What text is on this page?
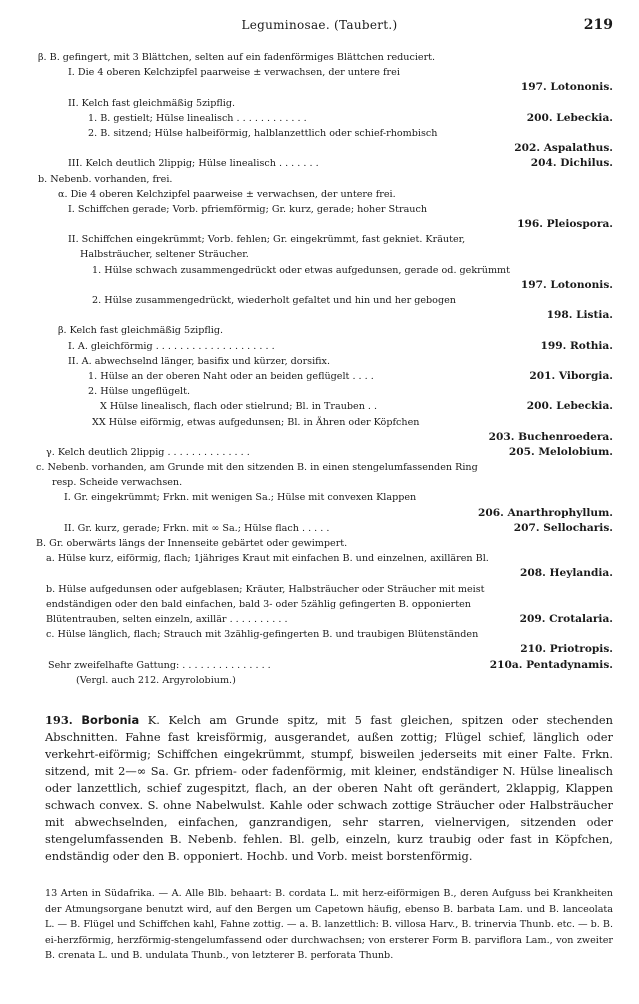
Leguminosae. (Taubert.)	219
β. B. gefingert, mit 3 Blättchen, selten auf ein fadenförmiges Blättchen reduciert.
I. Die 4 oberen Kelchzipfel paarweise ± verwachsen, der untere frei
197. Lotononis.
II. Kelch fast gleichmäßig 5zipflig.
1. B. gestielt; Hülse linealisch . . . . . . . . . . . .	200. Lebeckia.
2. B. sitzend; Hülse halbeiförmig, halblanzettlich oder schief-rhombisch
202. Aspalathus.
III. Kelch deutlich 2lippig; Hülse linealisch . . . . . . .	204. Dichilus.
b. Nebenb. vorhanden, frei.
α. Die 4 oberen Kelchzipfel paarweise ± verwachsen, der untere frei.
I. Schiffchen gerade; Vorb. pfriemförmig; Gr. kurz, gerade; hoher Strauch
196. Pleiospora.
II. Schiffchen eingekrümmt; Vorb. fehlen; Gr. eingekrümmt, fast gekniet. Kräuter,
Halbsträucher, seltener Sträucher.
1. Hülse schwach zusammengedrückt oder etwas aufgedunsen, gerade od. gekrümmt
197. Lotononis.
2. Hülse zusammengedrückt, wiederholt gefaltet und hin und her gebogen
198. Listia.
β. Kelch fast gleichmäßig 5zipflig.
I. A. gleichförmig . . . . . . . . . . . . . . . . . . . .	199. Rothia.
II. A. abwechselnd länger, basifix und kürzer, dorsifix.
1. Hülse an der oberen Naht oder an beiden geflügelt . . . .	201. Viborgia.
2. Hülse ungeflügelt.
X Hülse linealisch, flach oder stielrund; Bl. in Trauben . .	200. Lebeckia.
XX Hülse eiförmig, etwas aufgedunsen; Bl. in Ähren oder Köpfchen
203. Buchenroedera.
γ. Kelch deutlich 2lippig . . . . . . . . . . . . . .	205. Melolobium.
c. Nebenb. vorhanden, am Grunde mit den sitzenden B. in einen stengelumfassenden Ring
resp. Scheide verwachsen.
I. Gr. eingekrümmt; Frkn. mit wenigen Sa.; Hülse mit convexen Klappen
206. Anarthrophyllum.
II. Gr. kurz, gerade; Frkn. mit ∞ Sa.; Hülse flach . . . . .	207. Sellocharis.
B. Gr. oberwärts längs der Innenseite gebärtet oder gewimpert.
a. Hülse kurz, eiförmig, flach; 1jähriges Kraut mit einfachen B. und einzelnen, axillären Bl.
208. Heylandia.
b. Hülse aufgedunsen oder aufgeblasen; Kräuter, Halbsträucher oder Sträucher mit meist
endständigen oder den bald einfachen, bald 3- oder 5zählig gefingerten B. opponierten
Blütentrauben, selten einzeln, axillär . . . . . . . . . .	209. Crotalaria.
c. Hülse länglich, flach; Strauch mit 3zählig-gefingerten B. und traubigen Blütenständen
210. Priotropis.
Sehr zweifelhafte Gattung: . . . . . . . . . . . . . . .	210a. Pentadynamis.
(Vergl. auch 212. Argyrolobium.)
193. Borbonia K. Kelch am Grunde spitz, mit 5 fast gleichen, spitzen oder stechenden Abschnitten. Fahne fast kreisförmig, ausgerandet, außen zottig; Flügel schief, länglich oder verkehrt-eiförmig; Schiffchen eingekrümmt, stumpf, bisweilen jederseits mit einer Falte. Frkn. sitzend, mit 2—∞ Sa. Gr. pfriem- oder fadenförmig, mit kleiner, endständiger N. Hülse linealisch oder lanzettlich, schief zugespitzt, flach, an der oberen Naht oft gerändert, 2klappig, Klappen schwach convex. S. ohne Nabelwulst. Kahle oder schwach zottige Sträucher oder Halbsträucher mit abwechselnden, einfachen, ganzrandigen, sehr starren, vielnervigen, sitzenden oder stengelumfassenden B. Nebenb. fehlen. Bl. gelb, einzeln, kurz traubig oder fast in Köpfchen, endständig oder den B. opponiert. Hochb. und Vorb. meist borstenförmig.
13 Arten in Südafrika. — A. Alle Blb. behaart: B. cordata L. mit herz-eiförmigen B., deren Aufguss bei Krankheiten der Atmungsorgane benutzt wird, auf den Bergen um Capetown häufig, ebenso B. barbata Lam. und B. lanceolata L. — B. Flügel und Schiffchen kahl, Fahne zottig. — a. B. lanzettlich: B. villosa Harv., B. trinervia Thunb. etc. — b. B. ei-herzförmig, herzförmig-stengelumfassend oder durchwachsen; von ersterer Form B. parviflora Lam., von zweiter B. crenata L. und B. undulata Thunb., von letzterer B. perforata Thunb.
